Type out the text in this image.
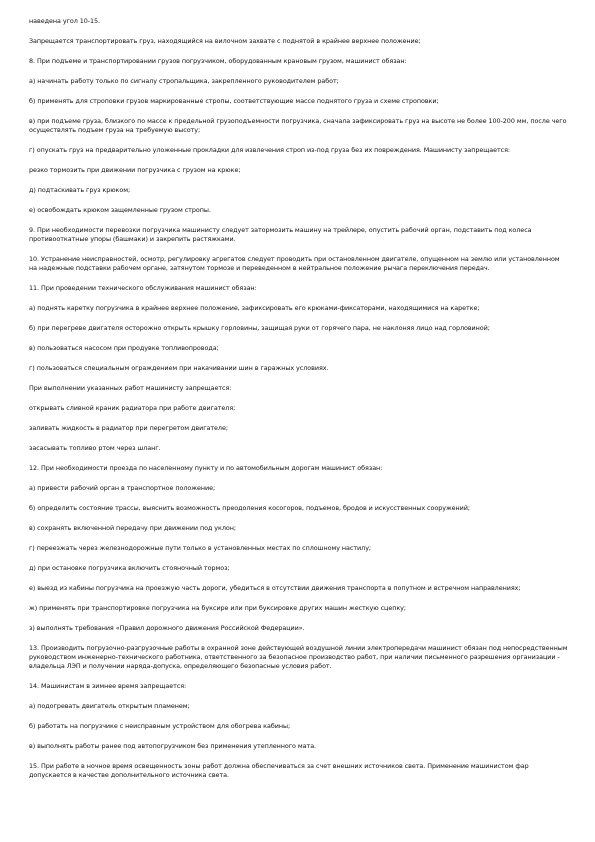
наведена угол 10-15.

Запрещается транспортировать груз, находящийся на вилочном захвате с поднятой в крайнее верхнее положение;

8. При подъеме и транспортировании грузов погрузчиком, оборудованным крановым грузом, машинист обязан:

а) начинать работу только по сигналу стропальщика, закрепленного руководителем работ;

б) применять для строповки грузов маркированные стропы, соответствующие массе поднятого груза и схеме строповки;

в) при подъеме груза, близкого по массе к предельной грузоподъемности погрузчика, сначала зафиксировать груз на высоте не более 100-200 мм, после чего осуществлять подъем груза на требуемую высоту;

г) опускать груз на предварительно уложенные прокладки для извлечения строп из-под груза без их повреждения. Машинисту запрещается:

резко тормозить при движении погрузчика с грузом на крюке;

д) подтаскивать груз крюком;

е) освобождать крюком защемленные грузом стропы.

9. При необходимости перевозки погрузчика машинисту следует затормозить машину на трейлере, опустить рабочий орган, подставить под колеса противооткатные упоры (башмаки) и закрепить растяжками.

10. Устранение неисправностей, осмотр, регулировку агрегатов следует проводить при остановленном двигателе, опущенном на землю или установленном на надежные подставки рабочем органе, затянутом тормозе и переведенном в нейтральное положение рычага переключения передач.

11. При проведении технического обслуживания машинист обязан:

а) поднять каретку погрузчика в крайнее верхнее положение, зафиксировать его крюками-фиксаторами, находящимися на каретке;

б) при перегреве двигателя осторожно открыть крышку горловины, защищая руки от горячего пара, не наклоняя лицо над горловиной;

в) пользоваться насосом при продувке топливопровода;

г) пользоваться специальным ограждением при накачивании шин в гаражных условиях.

При выполнении указанных работ машинисту запрещается:

открывать сливной краник радиатора при работе двигателя;

заливать жидкость в радиатор при перегретом двигателе;

засасывать топливо ртом через шланг.

12. При необходимости проезда по населенному пункту и по автомобильным дорогам машинист обязан:

а) привести рабочий орган в транспортное положение;

б) определить состояние трассы, выяснить возможность преодоления косогоров, подъемов, бродов и искусственных сооружений;

в) сохранять включенной передачу при движении под уклон;

г) переезжать через железнодорожные пути только в установленных местах по сплошному настилу;

д) при остановке погрузчика включить стояночный тормоз;

е) выезд из кабины погрузчика на проезжую часть дороги, убедиться в отсутствии движения транспорта в попутном и встречном направлениях;

ж) применять при транспортировке погрузчика на буксире или при буксировке других машин жесткую сцепку;

з) выполнять требования «Правил дорожного движения Российской Федерации».

13. Производить погрузочно-разгрузочные работы в охранной зоне действующей воздушной линии электропередачи машинист обязан под непосредственным руководством инженерно-технического работника, ответственного за безопасное производство работ, при наличии письменного разрешения организации - владельца ЛЭП и получении наряда-допуска, определяющего безопасные условия работ.

14. Машинистам в зимнее время запрещается:

а) подогревать двигатель открытым пламенем;

б) работать на погрузчике с неисправным устройством для обогрева кабины;

в) выполнять работы ранее под автопогрузчиком без применения утепленного мата.

15. При работе в ночное время освещенность зоны работ должна обеспечиваться за счет внешних источников света. Применение машинистом фар допускается в качестве дополнительного источника света.
